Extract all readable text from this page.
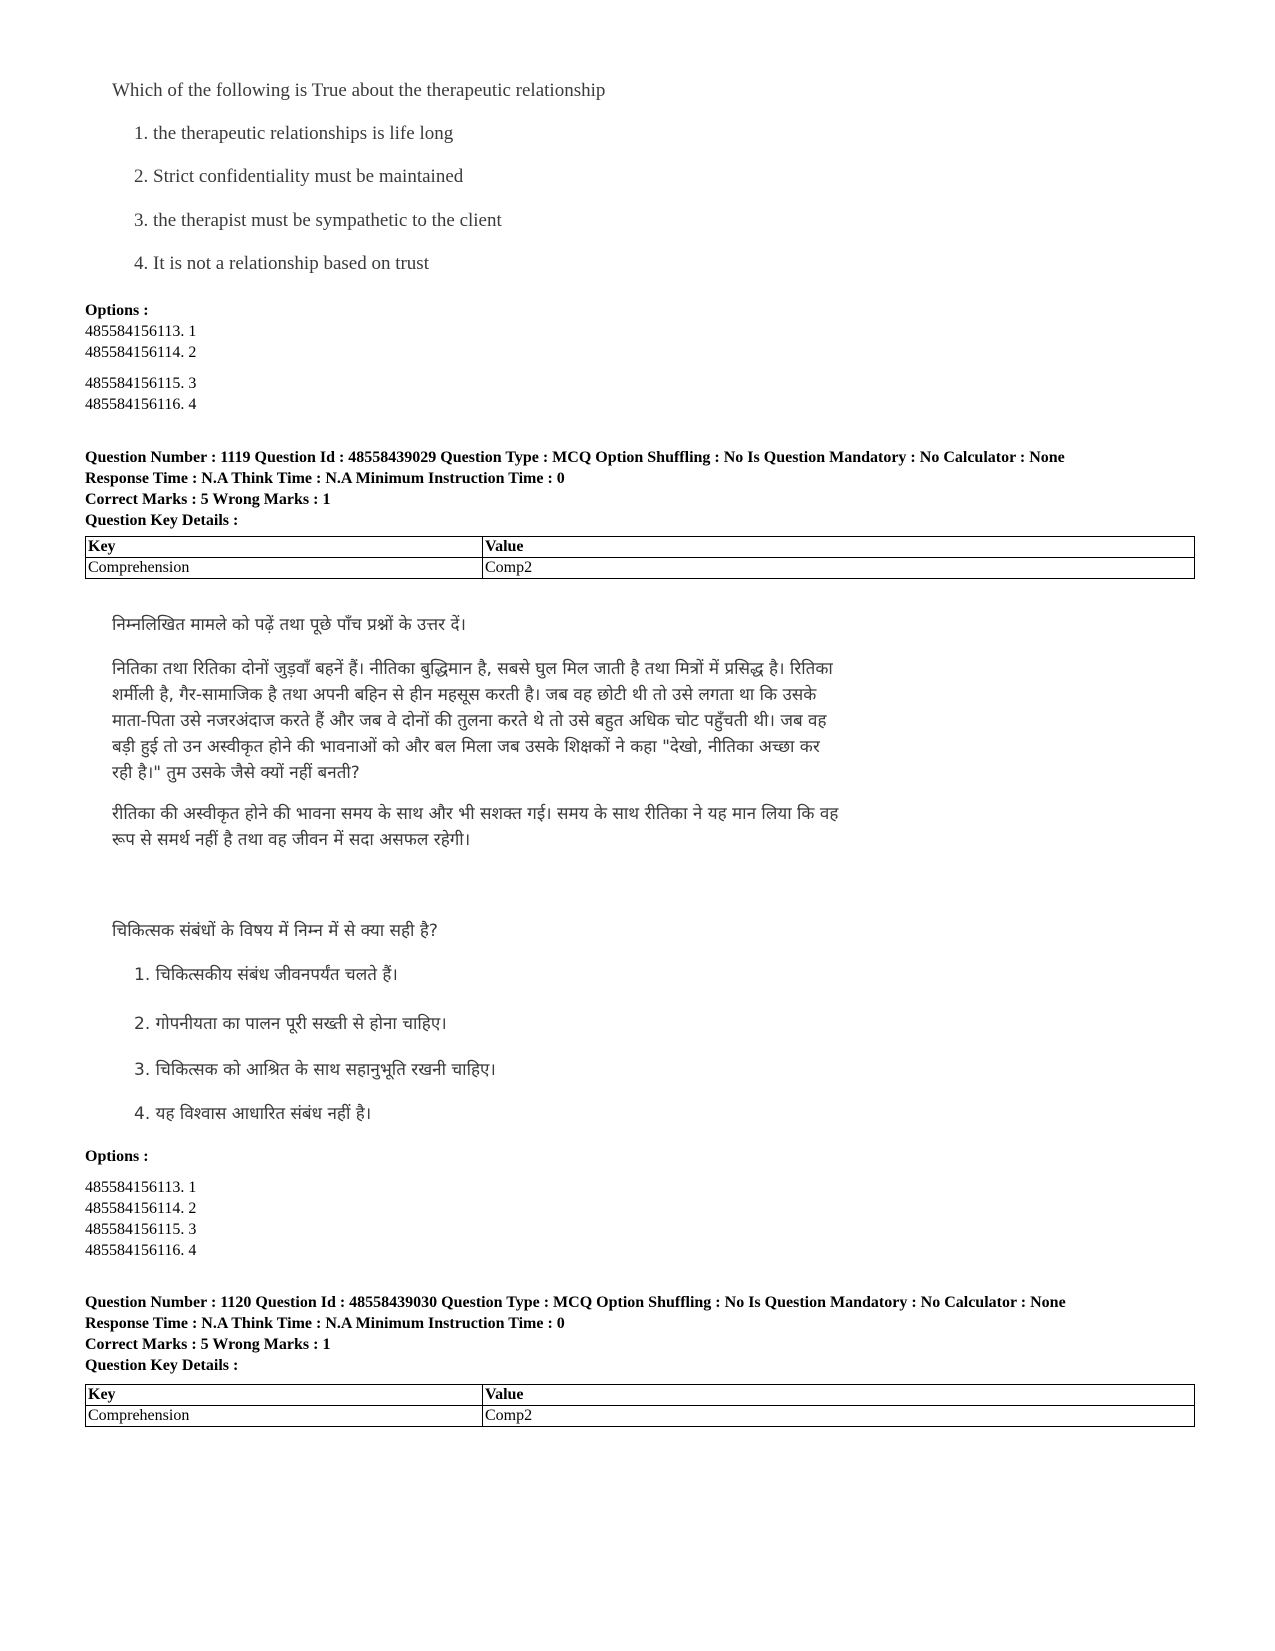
Which of the following is True about the therapeutic relationship
1. the therapeutic relationships is life long
2. Strict confidentiality must be maintained
3. the therapist must be sympathetic to the client
4. It is not a relationship based on trust
Options :
485584156113. 1
485584156114. 2
485584156115. 3
485584156116. 4
Question Number : 1119 Question Id : 48558439029 Question Type : MCQ Option Shuffling : No Is Question Mandatory : No Calculator : None
Response Time : N.A Think Time : N.A Minimum Instruction Time : 0
Correct Marks : 5 Wrong Marks : 1
Question Key Details :
Key	Value
Comprehension	Comp2
निम्नलिखित मामले को पढ़ें तथा पूछे पाँच प्रश्नों के उत्तर दें।
नितिका तथा रितिका दोनों जुड़वाँ बहनें हैं। नीतिका बुद्धिमान है, सबसे घुल मिल जाती है तथा मित्रों में प्रसिद्ध है। रितिका
शर्मीली है, गैर-सामाजिक है तथा अपनी बहिन से हीन महसूस करती है। जब वह छोटी थी तो उसे लगता था कि उसके
माता-पिता उसे नजरअंदाज करते हैं और जब वे दोनों की तुलना करते थे तो उसे बहुत अधिक चोट पहुँचती थी। जब वह
बड़ी हुई तो उन अस्वीकृत होने की भावनाओं को और बल मिला जब उसके शिक्षकों ने कहा "देखो, नीतिका अच्छा कर
रही है।" तुम उसके जैसे क्यों नहीं बनती?
रीतिका की अस्वीकृत होने की भावना समय के साथ और भी सशक्त गई। समय के साथ रीतिका ने यह मान लिया कि वह
रूप से समर्थ नहीं है तथा वह जीवन में सदा असफल रहेगी।
चिकित्सक संबंधों के विषय में निम्न में से क्या सही है?
1. चिकित्सकीय संबंध जीवनपर्यंत चलते हैं।
2. गोपनीयता का पालन पूरी सख्ती से होना चाहिए।
3. चिकित्सक को आश्रित के साथ सहानुभूति रखनी चाहिए।
4. यह विश्वास आधारित संबंध नहीं है।
Options :
485584156113. 1
485584156114. 2
485584156115. 3
485584156116. 4
Question Number : 1120 Question Id : 48558439030 Question Type : MCQ Option Shuffling : No Is Question Mandatory : No Calculator : None
Response Time : N.A Think Time : N.A Minimum Instruction Time : 0
Correct Marks : 5 Wrong Marks : 1
Question Key Details :
Key	Value
Comprehension	Comp2
